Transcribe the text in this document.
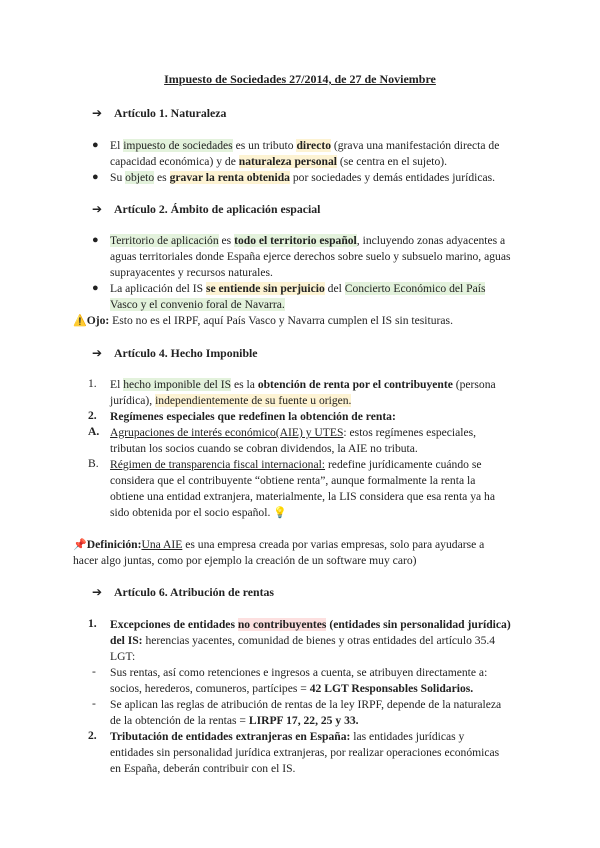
Impuesto de Sociedades 27/2014, de 27 de Noviembre
➔ Artículo 1. Naturaleza
● El impuesto de sociedades es un tributo directo (grava una manifestación directa de
capacidad económica) y de naturaleza personal (se centra en el sujeto).
● Su objeto es gravar la renta obtenida por sociedades y demás entidades jurídicas.
➔ Artículo 2. Ámbito de aplicación espacial
● Territorio de aplicación es todo el territorio español, incluyendo zonas adyacentes a
aguas territoriales donde España ejerce derechos sobre suelo y subsuelo marino, aguas
suprayacentes y recursos naturales.
● La aplicación del IS se entiende sin perjuicio del Concierto Económico del País
Vasco y el convenio foral de Navarra.
⚠️Ojo: Esto no es el IRPF, aquí País Vasco y Navarra cumplen el IS sin tesituras.
➔ Artículo 4. Hecho Imponible
1. El hecho imponible del IS es la obtención de renta por el contribuyente (persona
jurídica), independientemente de su fuente u origen.
2. Regímenes especiales que redefinen la obtención de renta:
A. Agrupaciones de interés económico(AIE) y UTES: estos regímenes especiales,
tributan los socios cuando se cobran dividendos, la AIE no tributa.
B. Régimen de transparencia fiscal internacional: redefine jurídicamente cuándo se
considera que el contribuyente “obtiene renta”, aunque formalmente la renta la
obtiene una entidad extranjera, materialmente, la LIS considera que esa renta ya ha
sido obtenida por el socio español. 💡
📌Definición:Una AIE es una empresa creada por varias empresas, solo para ayudarse a
hacer algo juntas, como por ejemplo la creación de un software muy caro)
➔ Artículo 6. Atribución de rentas
1. Excepciones de entidades no contribuyentes (entidades sin personalidad jurídica)
del IS: herencias yacentes, comunidad de bienes y otras entidades del artículo 35.4
LGT:
- Sus rentas, así como retenciones e ingresos a cuenta, se atribuyen directamente a:
socios, herederos, comuneros, partícipes = 42 LGT Responsables Solidarios.
- Se aplican las reglas de atribución de rentas de la ley IRPF, depende de la naturaleza
de la obtención de la rentas = LIRPF 17, 22, 25 y 33.
2. Tributación de entidades extranjeras en España: las entidades jurídicas y
entidades sin personalidad jurídica extranjeras, por realizar operaciones económicas
en España, deberán contribuir con el IS.
